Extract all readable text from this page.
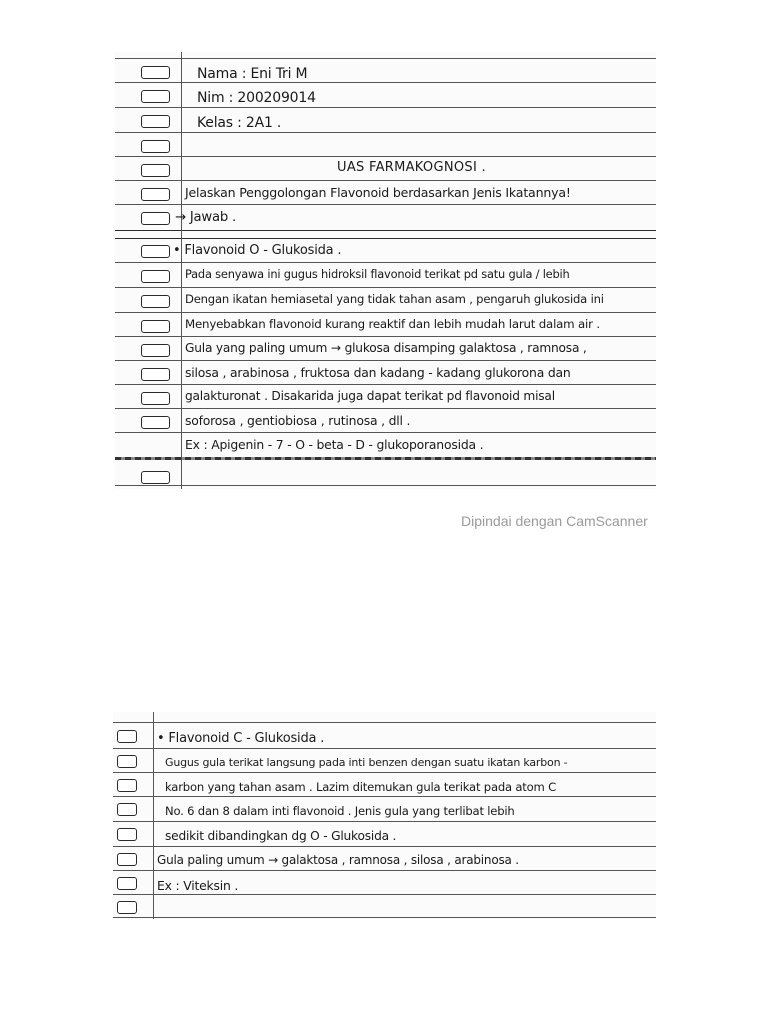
Nama : Eni Tri M
Nim : 200209014
Kelas : 2A1 .
UAS FARMAKOGNOSI .
Jelaskan Penggolongan Flavonoid berdasarkan Jenis Ikatannya!
→ Jawab .
• Flavonoid O - Glukosida .
Pada senyawa ini gugus hidroksil flavonoid terikat pd satu gula / lebih
Dengan ikatan hemiasetal yang tidak tahan asam , pengaruh glukosida ini
Menyebabkan flavonoid kurang reaktif dan lebih mudah larut dalam air .
Gula yang paling umum → glukosa disamping galaktosa , ramnosa ,
silosa , arabinosa , fruktosa dan kadang - kadang glukorona dan
galakturonat . Disakarida juga dapat terikat pd flavonoid misal
soforosa , gentiobiosa , rutinosa , dll .
Ex : Apigenin - 7 - O - beta - D - glukoporanosida .
Dipindai dengan CamScanner
• Flavonoid C - Glukosida .
Gugus gula terikat langsung pada inti benzen dengan suatu ikatan karbon -
karbon yang tahan asam . Lazim ditemukan gula terikat pada atom C
No. 6 dan 8 dalam inti flavonoid . Jenis gula yang terlibat lebih
sedikit dibandingkan dg O - Glukosida .
Gula paling umum → galaktosa , ramnosa , silosa , arabinosa .
Ex : Viteksin .
